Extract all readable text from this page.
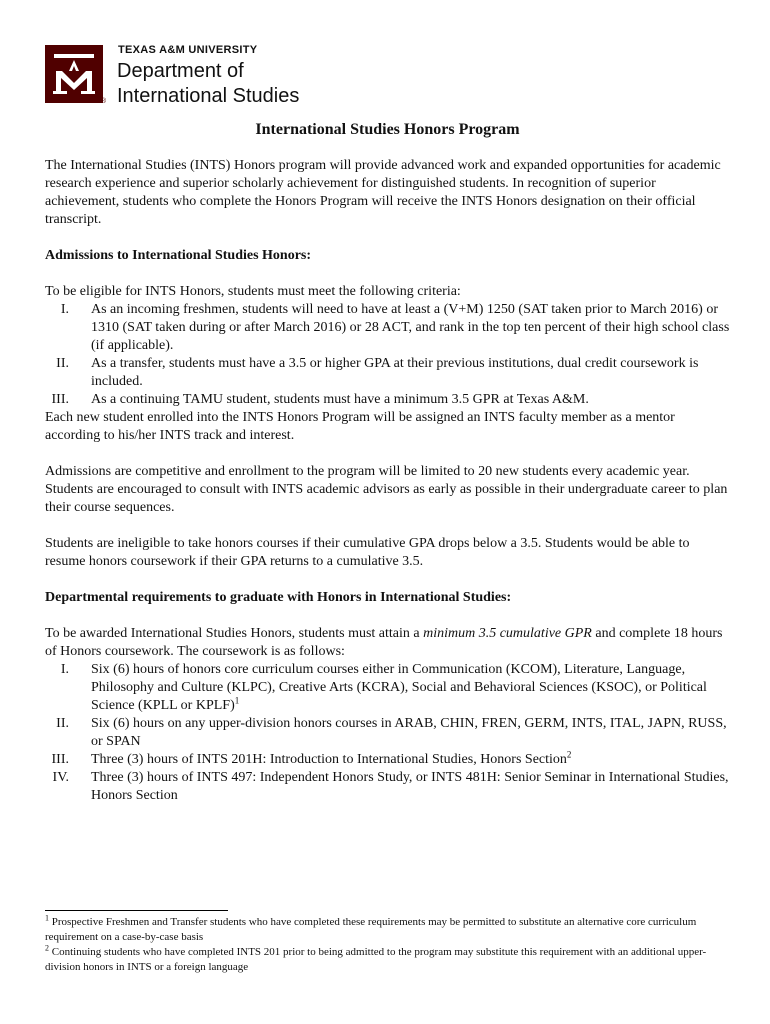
®
TEXAS A&M UNIVERSITY
Department of
International Studies
International Studies Honors Program

The International Studies (INTS) Honors program will provide advanced work and expanded opportunities for academic research experience and superior scholarly achievement for distinguished students. In recognition of superior achievement, students who complete the Honors Program will receive the INTS Honors designation on their official transcript.

Admissions to International Studies Honors:

To be eligible for INTS Honors, students must meet the following criteria:

I. As an incoming freshmen, students will need to have at least a (V+M) 1250 (SAT taken prior to March 2016) or 1310 (SAT taken during or after March 2016) or 28 ACT, and rank in the top ten percent of their high school class (if applicable).
II. As a transfer, students must have a 3.5 or higher GPA at their previous institutions, dual credit coursework is included.
III. As a continuing TAMU student, students must have a minimum 3.5 GPR at Texas A&M.

Each new student enrolled into the INTS Honors Program will be assigned an INTS faculty member as a mentor according to his/her INTS track and interest.

Admissions are competitive and enrollment to the program will be limited to 20 new students every academic year. Students are encouraged to consult with INTS academic advisors as early as possible in their undergraduate career to plan their course sequences.

Students are ineligible to take honors courses if their cumulative GPA drops below a 3.5. Students would be able to resume honors coursework if their GPA returns to a cumulative 3.5.

Departmental requirements to graduate with Honors in International Studies:

To be awarded International Studies Honors, students must attain a minimum 3.5 cumulative GPR and complete 18 hours of Honors coursework. The coursework is as follows:

I. Six (6) hours of honors core curriculum courses either in Communication (KCOM), Literature, Language, Philosophy and Culture (KLPC), Creative Arts (KCRA), Social and Behavioral Sciences (KSOC), or Political Science (KPLL or KPLF)$^1$
II. Six (6) hours on any upper-division honors courses in ARAB, CHIN, FREN, GERM, INTS, ITAL, JAPN, RUSS, or SPAN
III. Three (3) hours of INTS 201H: Introduction to International Studies, Honors Section$^2$
IV. Three (3) hours of INTS 497: Independent Honors Study, or INTS 481H: Senior Seminar in International Studies, Honors Section

$^1$ Prospective Freshmen and Transfer students who have completed these requirements may be permitted to substitute an alternative core curriculum requirement on a case-by-case basis

$^2$ Continuing students who have completed INTS 201 prior to being admitted to the program may substitute this requirement with an additional upper-division honors in INTS or a foreign language
